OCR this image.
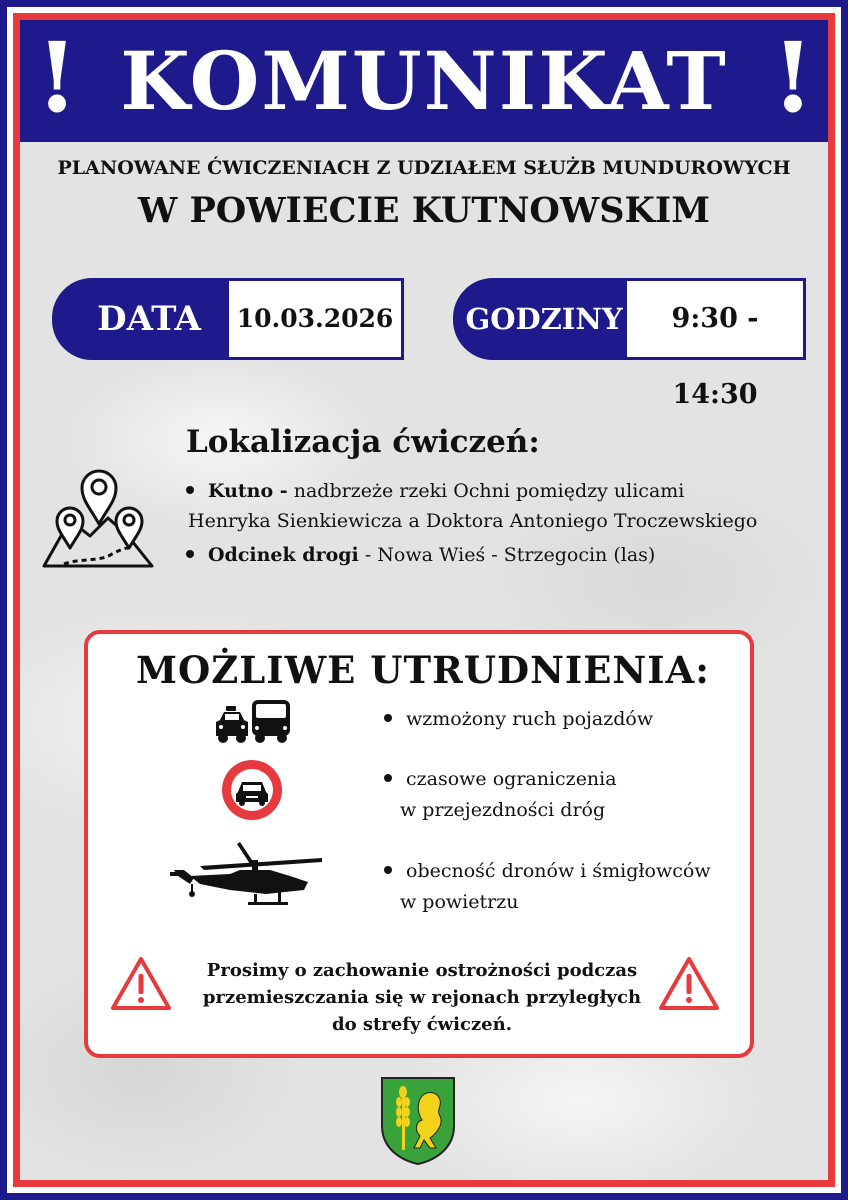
! KOMUNIKAT !
PLANOWANE ĆWICZENIACH Z UDZIAŁEM SŁUŻB MUNDUROWYCH
W POWIECIE KUTNOWSKIM
DATA	10.03.2026 GODZINY	9:30 - 14:30
Lokalizacja ćwiczeń:
Kutno - nadbrzeże rzeki Ochni pomiędzy ulicami
Henryka Sienkiewicza a Doktora Antoniego Troczewskiego
Odcinek drogi - Nowa Wieś - Strzegocin (las)
MOŻLIWE UTRUDNIENIA:
wzmożony ruch pojazdów
czasowe ograniczenia
w przejezdności dróg
obecność dronów i śmigłowców
w powietrzu
Prosimy o zachowanie ostrożności podczas
przemieszczania się w rejonach przyległych
do strefy ćwiczeń.
